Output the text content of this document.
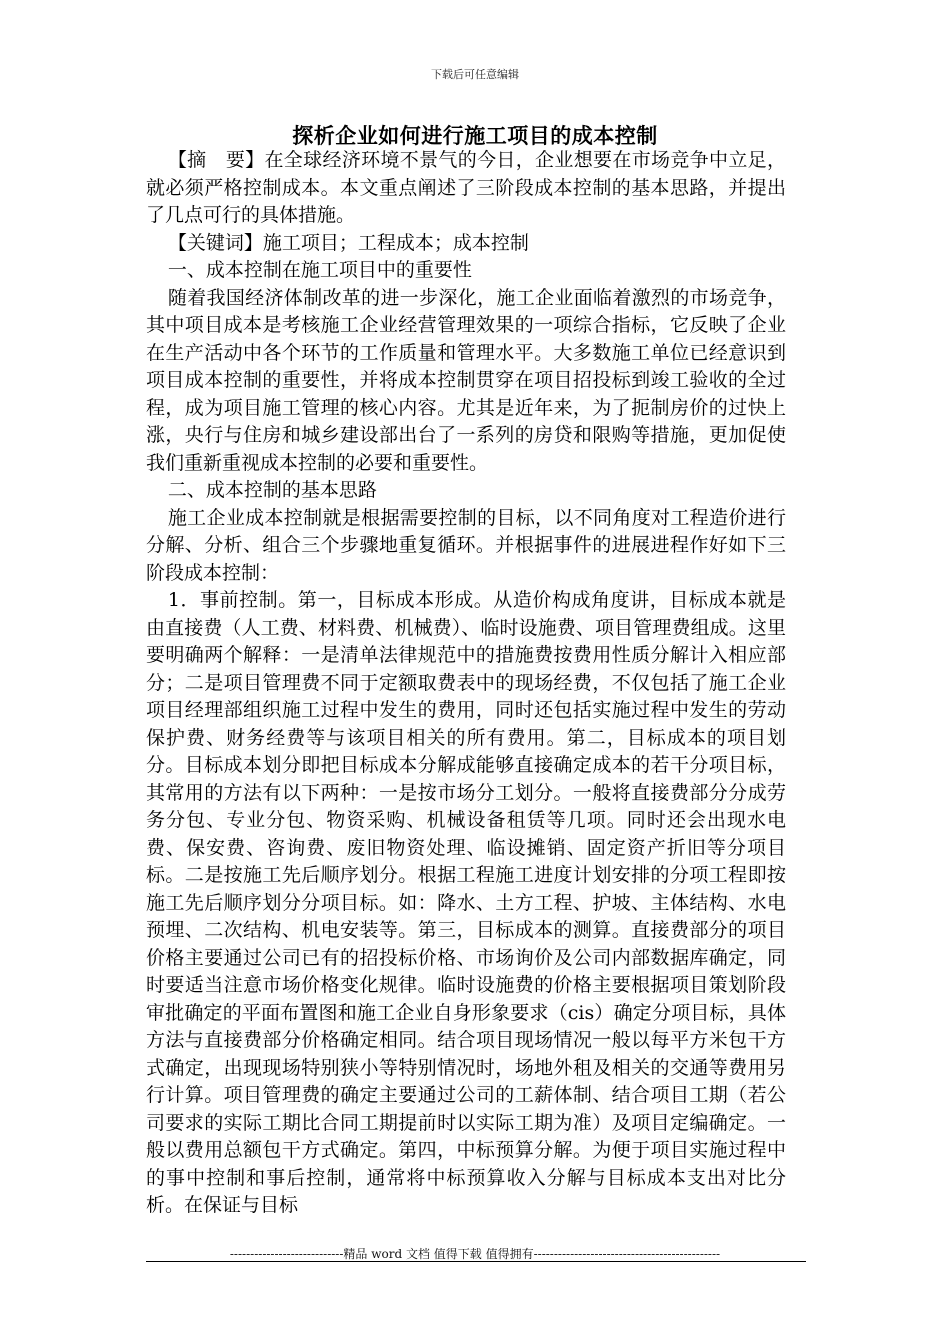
下载后可任意编辑
探析企业如何进行施工项目的成本控制

【摘　要】在全球经济环境不景气的今日，企业想要在市场竞争中立足，就必须严格控制成本。本文重点阐述了三阶段成本控制的基本思路，并提出了几点可行的具体措施。

【关键词】施工项目；工程成本；成本控制

一、成本控制在施工项目中的重要性

随着我国经济体制改革的进一步深化，施工企业面临着激烈的市场竞争，其中项目成本是考核施工企业经营管理效果的一项综合指标，它反映了企业在生产活动中各个环节的工作质量和管理水平。大多数施工单位已经意识到项目成本控制的重要性，并将成本控制贯穿在项目招投标到竣工验收的全过程，成为项目施工管理的核心内容。尤其是近年来，为了扼制房价的过快上涨，央行与住房和城乡建设部出台了一系列的房贷和限购等措施，更加促使我们重新重视成本控制的必要和重要性。

二、成本控制的基本思路

施工企业成本控制就是根据需要控制的目标，以不同角度对工程造价进行分解、分析、组合三个步骤地重复循环。并根据事件的进展进程作好如下三阶段成本控制：

1．事前控制。第一，目标成本形成。从造价构成角度讲，目标成本就是由直接费（人工费、材料费、机械费）、临时设施费、项目管理费组成。这里要明确两个解释：一是清单法律规范中的措施费按费用性质分解计入相应部分；二是项目管理费不同于定额取费表中的现场经费，不仅包括了施工企业项目经理部组织施工过程中发生的费用，同时还包括实施过程中发生的劳动保护费、财务经费等与该项目相关的所有费用。第二，目标成本的项目划分。目标成本划分即把目标成本分解成能够直接确定成本的若干分项目标，其常用的方法有以下两种：一是按市场分工划分。一般将直接费部分分成劳务分包、专业分包、物资采购、机械设备租赁等几项。同时还会出现水电费、保安费、咨询费、废旧物资处理、临设摊销、固定资产折旧等分项目标。二是按施工先后顺序划分。根据工程施工进度计划安排的分项工程即按施工先后顺序划分分项目标。如：降水、土方工程、护坡、主体结构、水电预埋、二次结构、机电安装等。第三，目标成本的测算。直接费部分的项目价格主要通过公司已有的招投标价格、市场询价及公司内部数据库确定，同时要适当注意市场价格变化规律。临时设施费的价格主要根据项目策划阶段审批确定的平面布置图和施工企业自身形象要求（cis）确定分项目标，具体方法与直接费部分价格确定相同。结合项目现场情况一般以每平方米包干方式确定，出现现场特别狭小等特别情况时，场地外租及相关的交通等费用另行计算。项目管理费的确定主要通过公司的工薪体制、结合项目工期（若公司要求的实际工期比合同工期提前时以实际工期为准）及项目定编确定。一般以费用总额包干方式确定。第四，中标预算分解。为便于项目实施过程中的事中控制和事后控制，通常将中标预算收入分解与目标成本支出对比分析。在保证与目标

----------------------------精品 word 文档 值得下载 值得拥有----------------------------------------------
